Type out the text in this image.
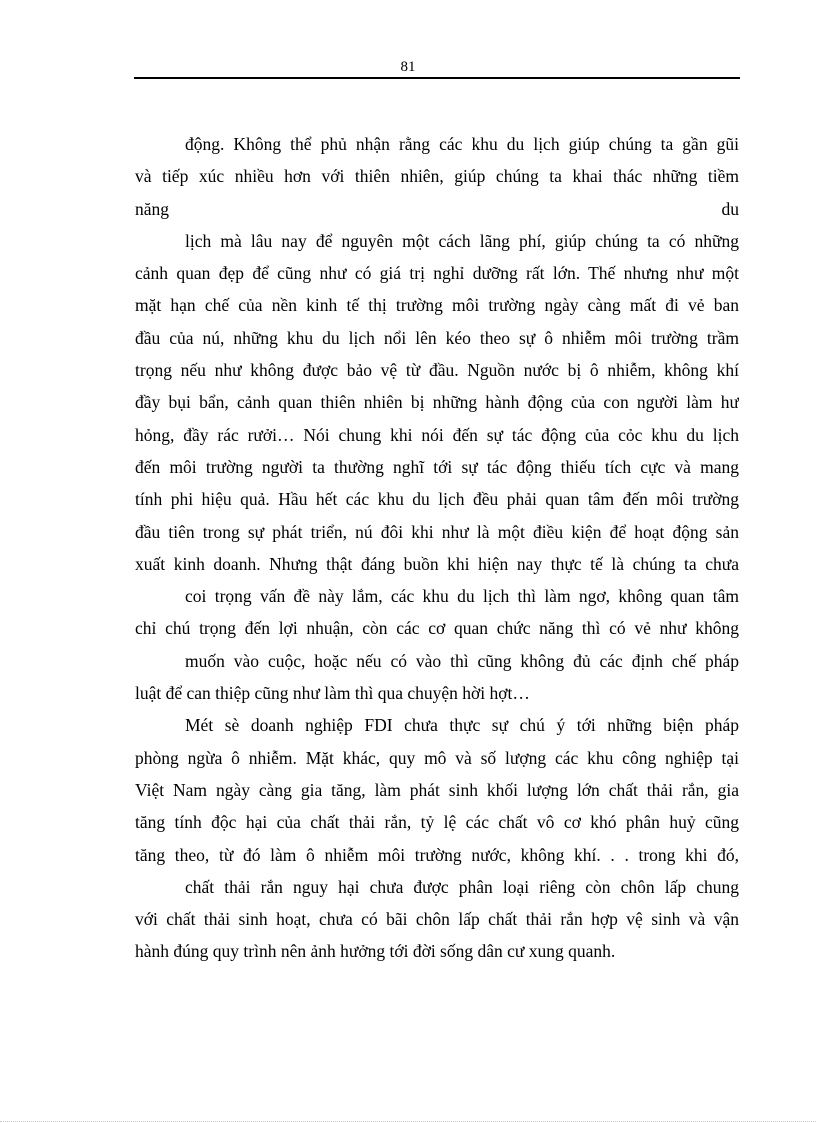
81
động. Không thể phủ nhận rằng các khu du lịch giúp chúng ta gần gũi
và tiếp xúc nhiều hơn với thiên nhiên, giúp chúng ta khai thác những tiềm
năng du
lịch mà lâu nay để nguyên một cách lãng phí, giúp chúng ta có những
cảnh quan đẹp để cũng như có giá trị nghỉ dưỡng rất lớn. Thế nhưng như một
mặt hạn chế của nền kinh tế thị trường môi trường ngày càng mất đi vẻ ban
đầu của nú, những khu du lịch nổi lên kéo theo sự ô nhiễm môi trường trầm
trọng nếu như không được bảo vệ từ đầu. Nguồn nước bị ô nhiễm, không khí
đầy bụi bẩn, cảnh quan thiên nhiên bị những hành động của con người làm hư
hỏng, đầy rác rưởi… Nói chung khi nói đến sự tác động của cỏc khu du lịch
đến môi trường người ta thường nghĩ tới sự tác động thiếu tích cực và mang
tính phi hiệu quả. Hầu hết các khu du lịch đều phải quan tâm đến môi trường
đầu tiên trong sự phát triển, nú đôi khi như là một điều kiện để hoạt động sản
xuất kinh doanh. Nhưng thật đáng buồn khi hiện nay thực tế là chúng ta chưa
coi trọng vấn đề này lắm, các khu du lịch thì làm ngơ, không quan tâm
chỉ chú trọng đến lợi nhuận, còn các cơ quan chức năng thì có vẻ như không
muốn vào cuộc, hoặc nếu có vào thì cũng không đủ các định chế pháp
luật để can thiệp cũng như làm thì qua chuyện hời hợt…
Mét sè doanh nghiệp FDI chưa thực sự chú ý tới những biện pháp
phòng ngừa ô nhiễm. Mặt khác, quy mô và số lượng các khu công nghiệp tại
Việt Nam ngày càng gia tăng, làm phát sinh khối lượng lớn chất thải rắn, gia
tăng tính độc hại của chất thải rắn, tỷ lệ các chất vô cơ khó phân huỷ cũng
tăng theo, từ đó làm ô nhiễm môi trường nước, không khí. . . trong khi đó,
chất thải rắn nguy hại chưa được phân loại riêng còn chôn lấp chung
với chất thải sinh hoạt, chưa có bãi chôn lấp chất thải rắn hợp vệ sinh và vận
hành đúng quy trình nên ảnh hưởng tới đời sống dân cư xung quanh.
